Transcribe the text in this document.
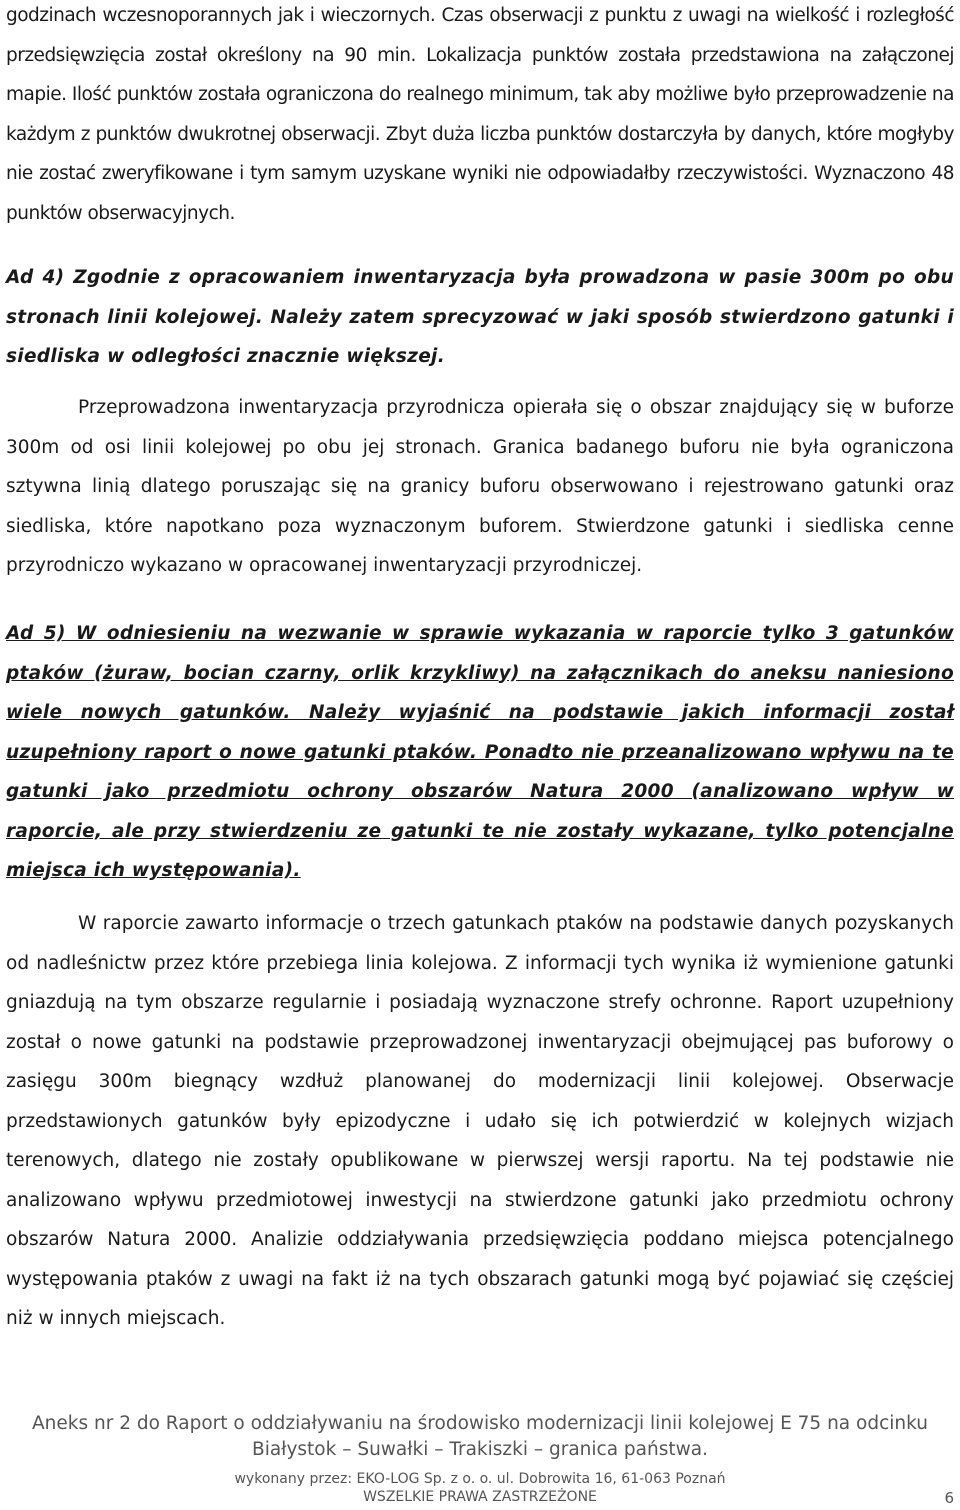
godzinach wczesnoporannych jak i wieczornych. Czas obserwacji z punktu z uwagi na wielkość i rozległość przedsięwzięcia został określony na 90 min. Lokalizacja punktów została przedstawiona na załączonej mapie. Ilość punktów została ograniczona do realnego minimum, tak aby możliwe było przeprowadzenie na każdym z punktów dwukrotnej obserwacji. Zbyt duża liczba punktów dostarczyła by danych, które mogłyby nie zostać zweryfikowane i tym samym uzyskane wyniki nie odpowiadałby rzeczywistości. Wyznaczono 48 punktów obserwacyjnych.

Ad 4) Zgodnie z opracowaniem inwentaryzacja była prowadzona w pasie 300m po obu stronach linii kolejowej. Należy zatem sprecyzować w jaki sposób stwierdzono gatunki i siedliska w odległości znacznie większej.

Przeprowadzona inwentaryzacja przyrodnicza opierała się o obszar znajdujący się w buforze 300m od osi linii kolejowej po obu jej stronach. Granica badanego buforu nie była ograniczona sztywna linią dlatego poruszając się na granicy buforu obserwowano i rejestrowano gatunki oraz siedliska, które napotkano poza wyznaczonym buforem. Stwierdzone gatunki i siedliska cenne przyrodniczo wykazano w opracowanej inwentaryzacji przyrodniczej.

Ad 5) W odniesieniu na wezwanie w sprawie wykazania w raporcie tylko 3 gatunków ptaków (żuraw, bocian czarny, orlik krzykliwy) na załącznikach do aneksu naniesiono wiele nowych gatunków. Należy wyjaśnić na podstawie jakich informacji został uzupełniony raport o nowe gatunki ptaków. Ponadto nie przeanalizowano wpływu na te gatunki jako przedmiotu ochrony obszarów Natura 2000 (analizowano wpływ w raporcie, ale przy stwierdzeniu ze gatunki te nie zostały wykazane, tylko potencjalne miejsca ich występowania).

W raporcie zawarto informacje o trzech gatunkach ptaków na podstawie danych pozyskanych od nadleśnictw przez które przebiega linia kolejowa. Z informacji tych wynika iż wymienione gatunki gniazdują na tym obszarze regularnie i posiadają wyznaczone strefy ochronne. Raport uzupełniony został o nowe gatunki na podstawie przeprowadzonej inwentaryzacji obejmującej pas buforowy o zasięgu 300m biegnący wzdłuż planowanej do modernizacji linii kolejowej. Obserwacje przedstawionych gatunków były epizodyczne i udało się ich potwierdzić w kolejnych wizjach terenowych, dlatego nie zostały opublikowane w pierwszej wersji raportu. Na tej podstawie nie analizowano wpływu przedmiotowej inwestycji na stwierdzone gatunki jako przedmiotu ochrony obszarów Natura 2000. Analizie oddziaływania przedsięwzięcia poddano miejsca potencjalnego występowania ptaków z uwagi na fakt iż na tych obszarach gatunki mogą być pojawiać się częściej niż w innych miejscach.

Aneks nr 2 do Raport o oddziaływaniu na środowisko modernizacji linii kolejowej E 75 na odcinku
Białystok – Suwałki – Trakiszki – granica państwa.
wykonany przez: EKO-LOG Sp. z o. o. ul. Dobrowita 16, 61-063 Poznań
WSZELKIE PRAWA ZASTRZEŻONE	6
